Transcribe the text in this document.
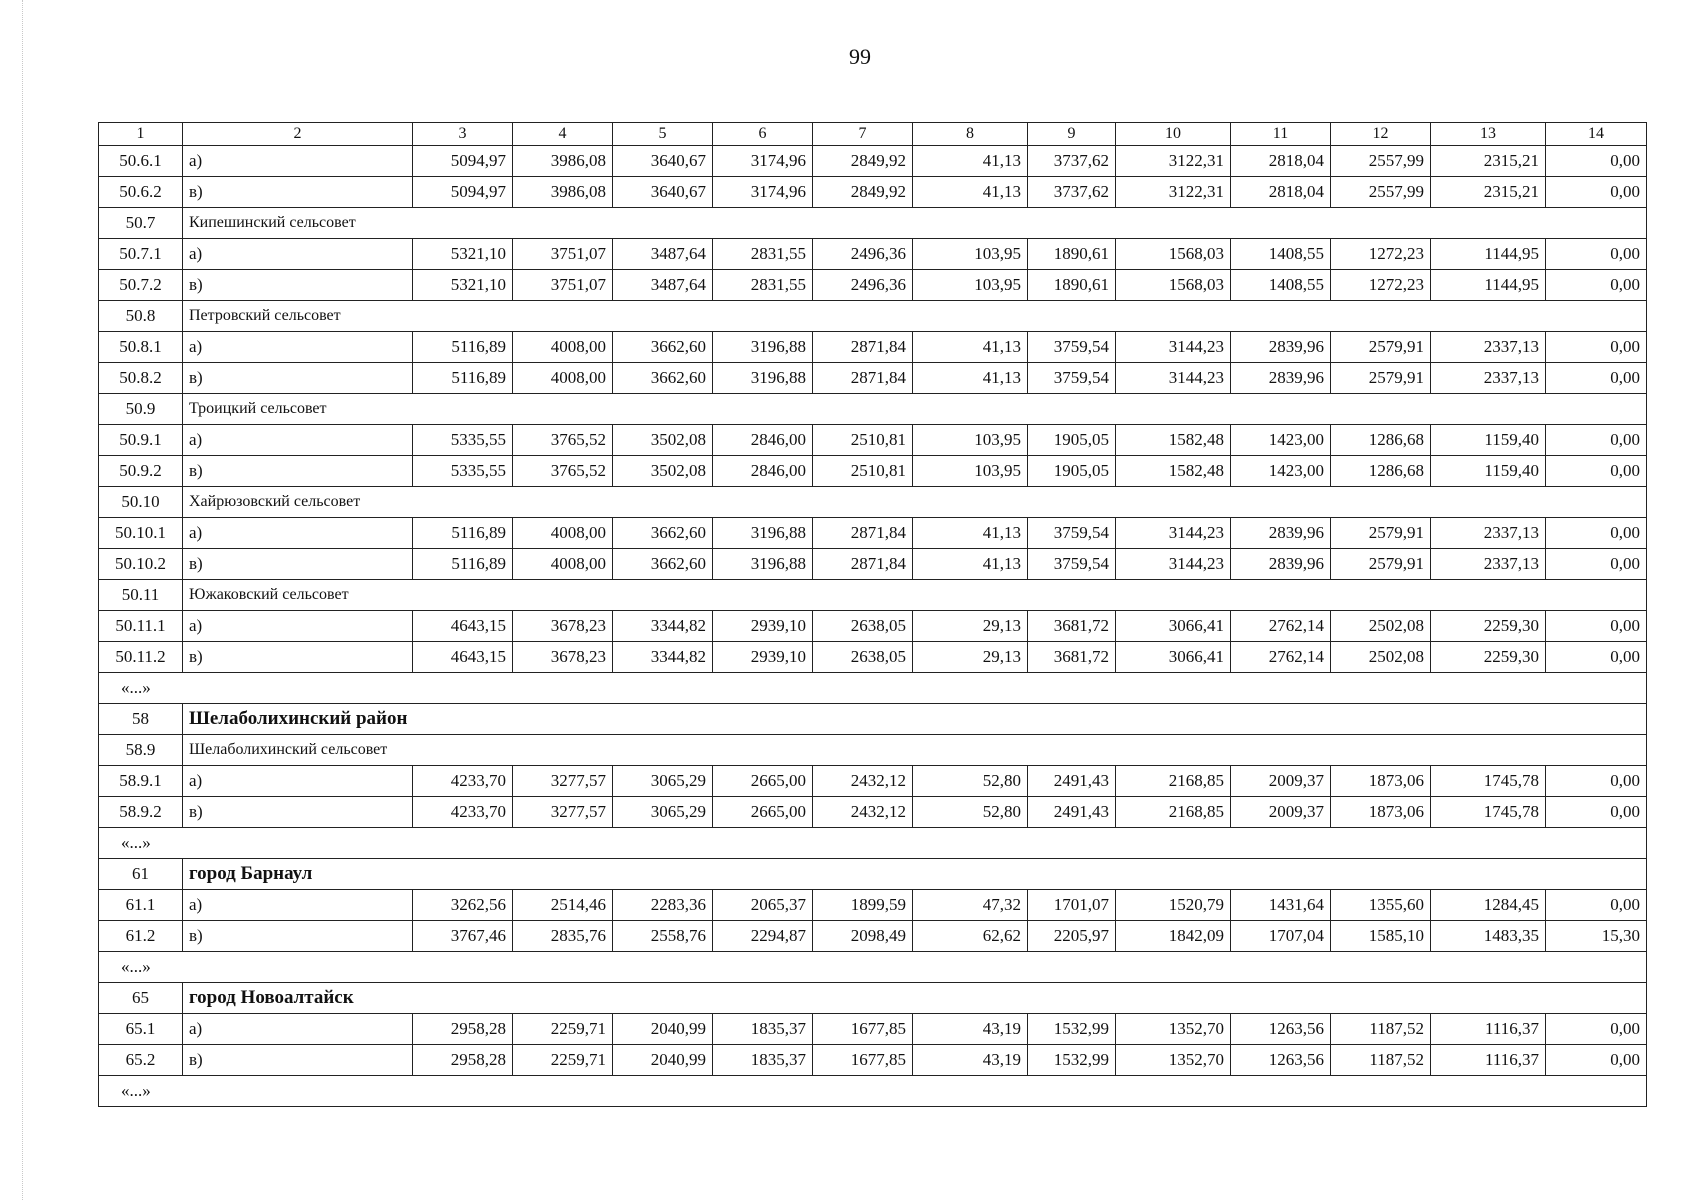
99
1	2	3	4	5	6	7	8	9	10	11	12	13	14
50.6.1	а)	5094,97	3986,08	3640,67	3174,96	2849,92	41,13	3737,62	3122,31	2818,04	2557,99	2315,21	0,00
50.6.2	в)	5094,97	3986,08	3640,67	3174,96	2849,92	41,13	3737,62	3122,31	2818,04	2557,99	2315,21	0,00
50.7	Кипешинский сельсовет												
50.7.1	а)	5321,10	3751,07	3487,64	2831,55	2496,36	103,95	1890,61	1568,03	1408,55	1272,23	1144,95	0,00
50.7.2	в)	5321,10	3751,07	3487,64	2831,55	2496,36	103,95	1890,61	1568,03	1408,55	1272,23	1144,95	0,00
50.8	Петровский сельсовет												
50.8.1	а)	5116,89	4008,00	3662,60	3196,88	2871,84	41,13	3759,54	3144,23	2839,96	2579,91	2337,13	0,00
50.8.2	в)	5116,89	4008,00	3662,60	3196,88	2871,84	41,13	3759,54	3144,23	2839,96	2579,91	2337,13	0,00
50.9	Троицкий сельсовет												
50.9.1	а)	5335,55	3765,52	3502,08	2846,00	2510,81	103,95	1905,05	1582,48	1423,00	1286,68	1159,40	0,00
50.9.2	в)	5335,55	3765,52	3502,08	2846,00	2510,81	103,95	1905,05	1582,48	1423,00	1286,68	1159,40	0,00
50.10	Хайрюзовский сельсовет												
50.10.1	а)	5116,89	4008,00	3662,60	3196,88	2871,84	41,13	3759,54	3144,23	2839,96	2579,91	2337,13	0,00
50.10.2	в)	5116,89	4008,00	3662,60	3196,88	2871,84	41,13	3759,54	3144,23	2839,96	2579,91	2337,13	0,00
50.11	Южаковский сельсовет												
50.11.1	а)	4643,15	3678,23	3344,82	2939,10	2638,05	29,13	3681,72	3066,41	2762,14	2502,08	2259,30	0,00
50.11.2	в)	4643,15	3678,23	3344,82	2939,10	2638,05	29,13	3681,72	3066,41	2762,14	2502,08	2259,30	0,00
«...»													
58	Шелаболихинский район												
58.9	Шелаболихинский сельсовет												
58.9.1	а)	4233,70	3277,57	3065,29	2665,00	2432,12	52,80	2491,43	2168,85	2009,37	1873,06	1745,78	0,00
58.9.2	в)	4233,70	3277,57	3065,29	2665,00	2432,12	52,80	2491,43	2168,85	2009,37	1873,06	1745,78	0,00
«...»													
61	город Барнаул												
61.1	а)	3262,56	2514,46	2283,36	2065,37	1899,59	47,32	1701,07	1520,79	1431,64	1355,60	1284,45	0,00
61.2	в)	3767,46	2835,76	2558,76	2294,87	2098,49	62,62	2205,97	1842,09	1707,04	1585,10	1483,35	15,30
«...»													
65	город Новоалтайск												
65.1	а)	2958,28	2259,71	2040,99	1835,37	1677,85	43,19	1532,99	1352,70	1263,56	1187,52	1116,37	0,00
65.2	в)	2958,28	2259,71	2040,99	1835,37	1677,85	43,19	1532,99	1352,70	1263,56	1187,52	1116,37	0,00
«...»													
